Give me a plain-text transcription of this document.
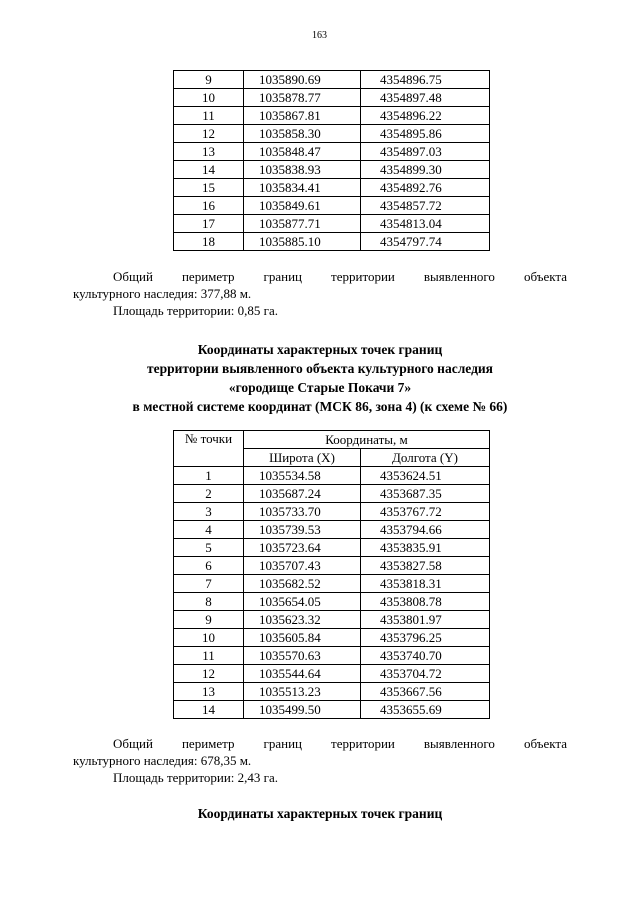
163
9	1035890.69	4354896.75
10	1035878.77	4354897.48
11	1035867.81	4354896.22
12	1035858.30	4354895.86
13	1035848.47	4354897.03
14	1035838.93	4354899.30
15	1035834.41	4354892.76
16	1035849.61	4354857.72
17	1035877.71	4354813.04
18	1035885.10	4354797.74
Общий периметр границ территории выявленного объекта
культурного наследия: 377,88 м.
Площадь территории: 0,85 га.
Координаты характерных точек границ
территории выявленного объекта культурного наследия
«городище Старые Покачи 7»
в местной системе координат (МСК 86, зона 4) (к схеме № 66)
№ точки	Координаты, м	
	Широта (X)	Долгота (Y)
1	1035534.58	4353624.51
2	1035687.24	4353687.35
3	1035733.70	4353767.72
4	1035739.53	4353794.66
5	1035723.64	4353835.91
6	1035707.43	4353827.58
7	1035682.52	4353818.31
8	1035654.05	4353808.78
9	1035623.32	4353801.97
10	1035605.84	4353796.25
11	1035570.63	4353740.70
12	1035544.64	4353704.72
13	1035513.23	4353667.56
14	1035499.50	4353655.69
Общий периметр границ территории выявленного объекта
культурного наследия: 678,35 м.
Площадь территории: 2,43 га.
Координаты характерных точек границ
